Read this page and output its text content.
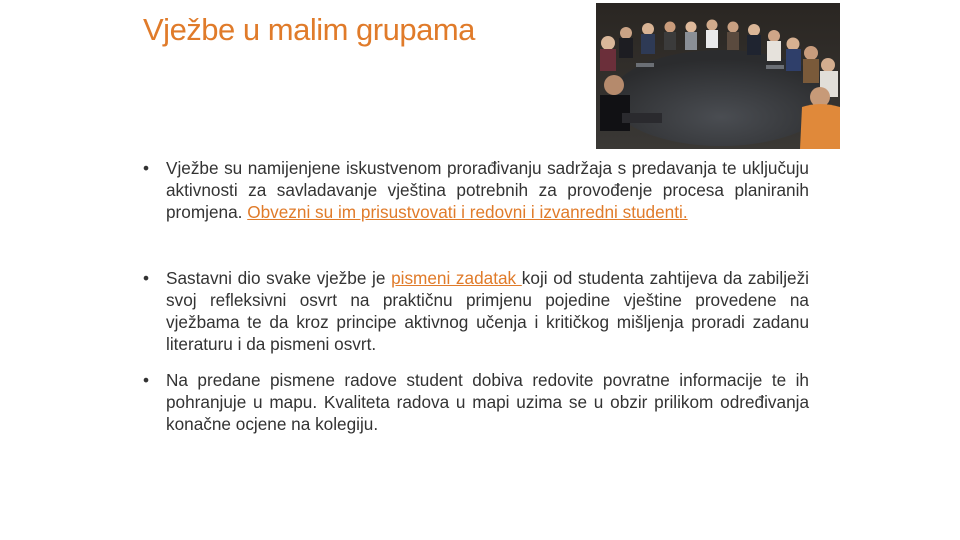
Vježbe u malim grupama
• Vježbe su namijenjene iskustvenom prorađivanju sadržaja s predavanja te uključuju aktivnosti za savladavanje vještina potrebnih za provođenje procesa planiranih promjena. Obvezni su im prisustvovati i redovni i izvanredni studenti.
• Sastavni dio svake vježbe je pismeni zadatak koji od studenta zahtijeva da zabilježi svoj refleksivni osvrt na praktičnu primjenu pojedine vještine provedene na vježbama te da kroz principe aktivnog učenja i kritičkog mišljenja proradi zadanu literaturu i da pismeni osvrt.
• Na predane pismene radove student dobiva redovite povratne informacije te ih pohranjuje u mapu. Kvaliteta radova u mapi uzima se u obzir prilikom određivanja konačne ocjene na kolegiju.
